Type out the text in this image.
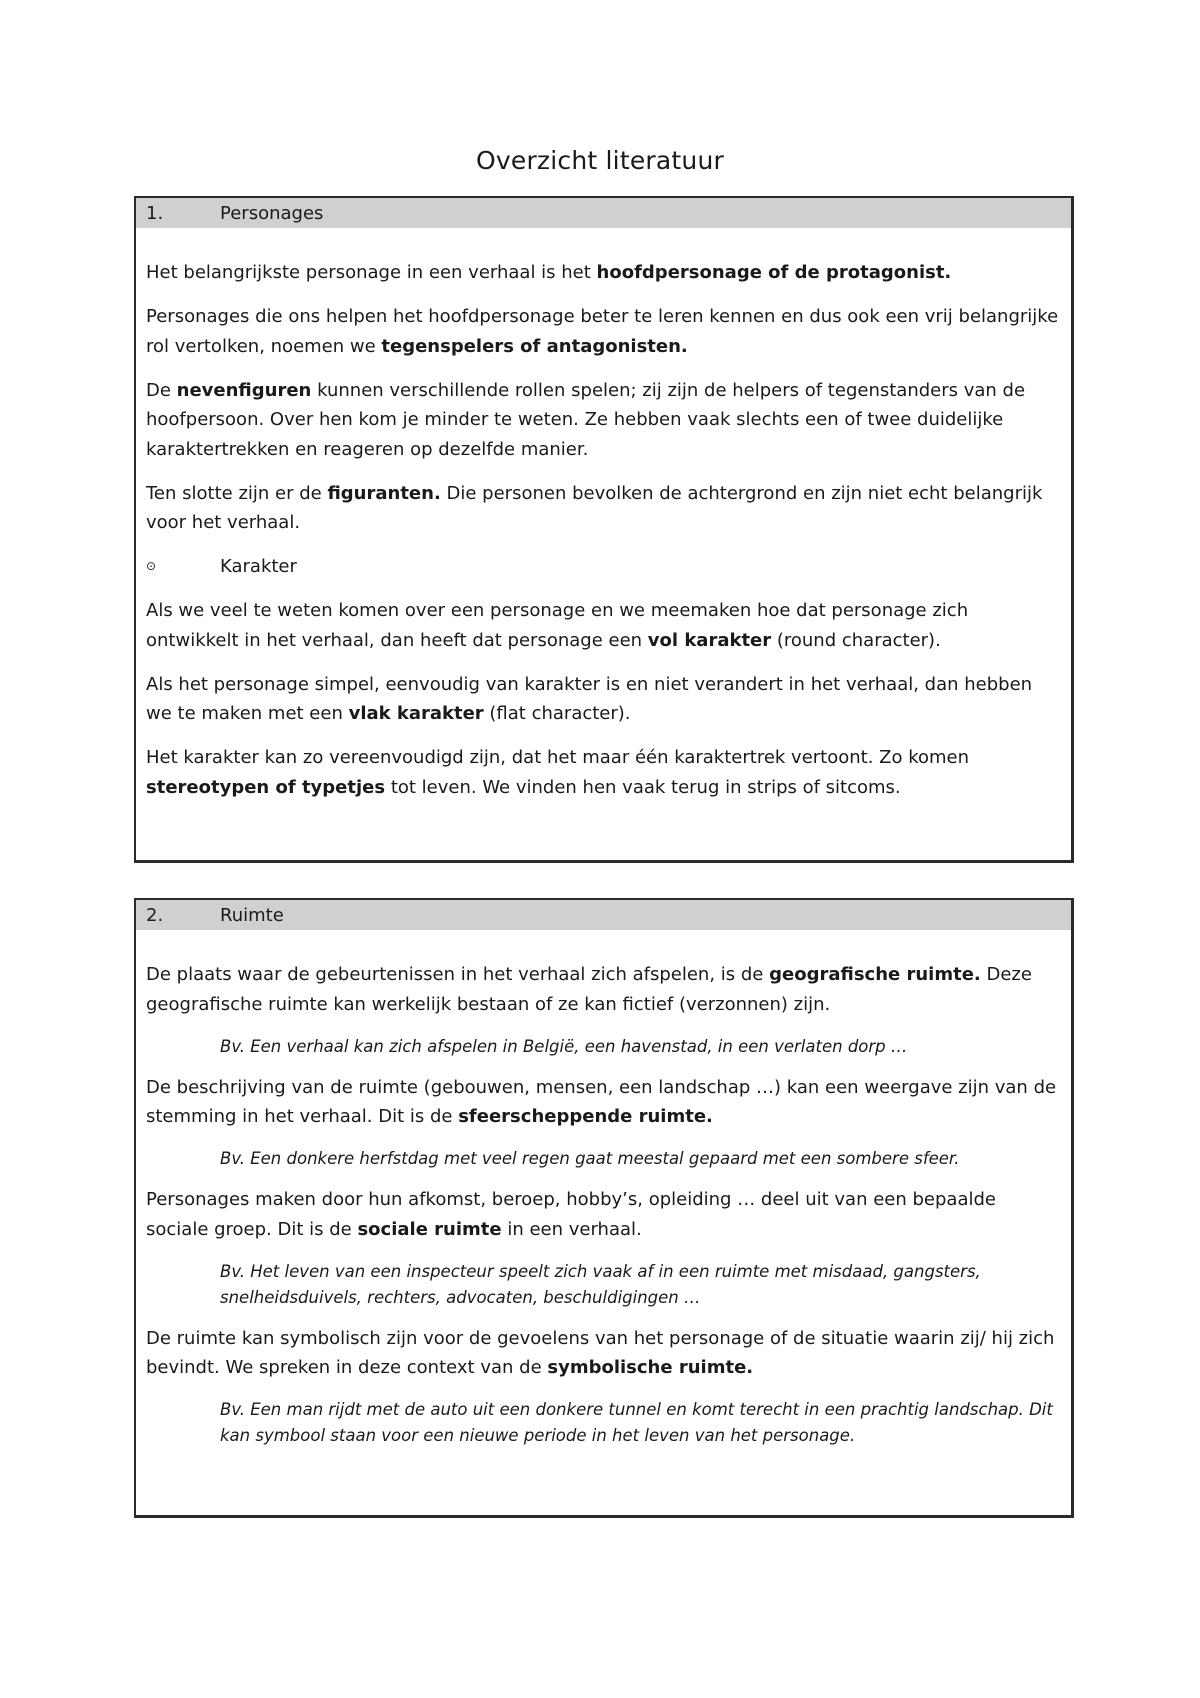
Overzicht literatuur
1.	Personages

Het belangrijkste personage in een verhaal is het hoofdpersonage of de protagonist.

Personages die ons helpen het hoofdpersonage beter te leren kennen en dus ook een vrij belangrijke rol vertolken, noemen we tegenspelers of antagonisten.

De nevenfiguren kunnen verschillende rollen spelen; zij zijn de helpers of tegenstanders van de hoofpersoon. Over hen kom je minder te weten. Ze hebben vaak slechts een of twee duidelijke karaktertrekken en reageren op dezelfde manier.

Ten slotte zijn er de figuranten. Die personen bevolken de achtergrond en zijn niet echt belangrijk voor het verhaal.

⊙	Karakter

Als we veel te weten komen over een personage en we meemaken hoe dat personage zich ontwikkelt in het verhaal, dan heeft dat personage een vol karakter (round character).

Als het personage simpel, eenvoudig van karakter is en niet verandert in het verhaal, dan hebben we te maken met een vlak karakter (flat character).

Het karakter kan zo vereenvoudigd zijn, dat het maar één karaktertrek vertoont. Zo komen stereotypen of typetjes tot leven. We vinden hen vaak terug in strips of sitcoms.

2.	Ruimte

De plaats waar de gebeurtenissen in het verhaal zich afspelen, is de geografische ruimte. Deze geografische ruimte kan werkelijk bestaan of ze kan fictief (verzonnen) zijn.

Bv. Een verhaal kan zich afspelen in België, een havenstad, in een verlaten dorp …

De beschrijving van de ruimte (gebouwen, mensen, een landschap …) kan een weergave zijn van de stemming in het verhaal. Dit is de sfeerscheppende ruimte.

Bv. Een donkere herfstdag met veel regen gaat meestal gepaard met een sombere sfeer.

Personages maken door hun afkomst, beroep, hobby’s, opleiding … deel uit van een bepaalde sociale groep. Dit is de sociale ruimte in een verhaal.

Bv. Het leven van een inspecteur speelt zich vaak af in een ruimte met misdaad, gangsters, snelheidsduivels, rechters, advocaten, beschuldigingen …

De ruimte kan symbolisch zijn voor de gevoelens van het personage of de situatie waarin zij/ hij zich bevindt. We spreken in deze context van de symbolische ruimte.

Bv. Een man rijdt met de auto uit een donkere tunnel en komt terecht in een prachtig landschap. Dit kan symbool staan voor een nieuwe periode in het leven van het personage.
